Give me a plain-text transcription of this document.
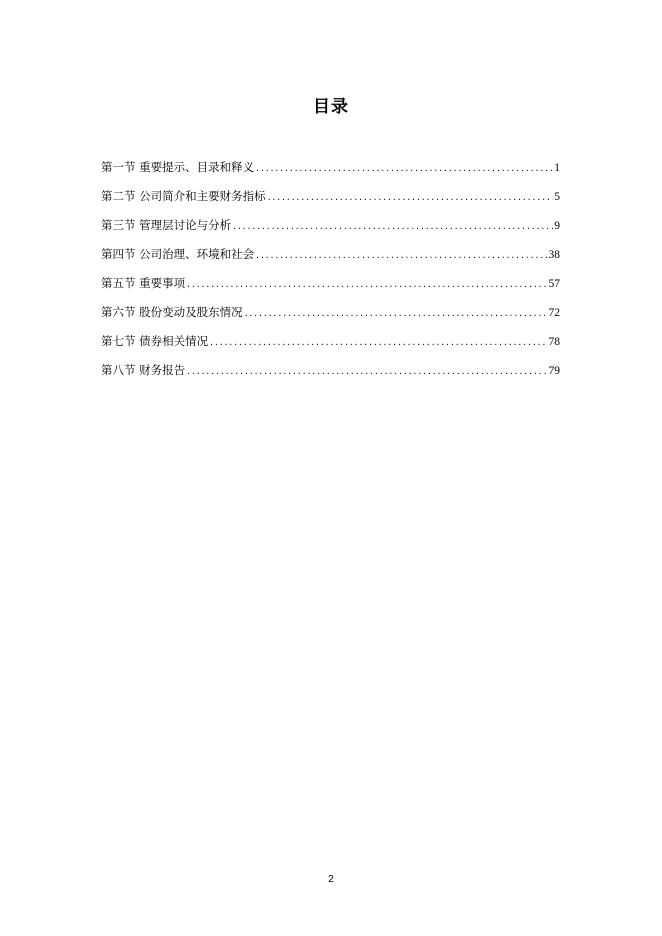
目录
第一节 重要提示、目录和释义 .....	1
第二节 公司简介和主要财务指标 .....	5
第三节 管理层讨论与分析 .....	9
第四节 公司治理、环境和社会 .....	38
第五节 重要事项 .....	57
第六节 股份变动及股东情况 .....	72
第七节 债券相关情况 .....	78
第八节 财务报告 .....	79
2
